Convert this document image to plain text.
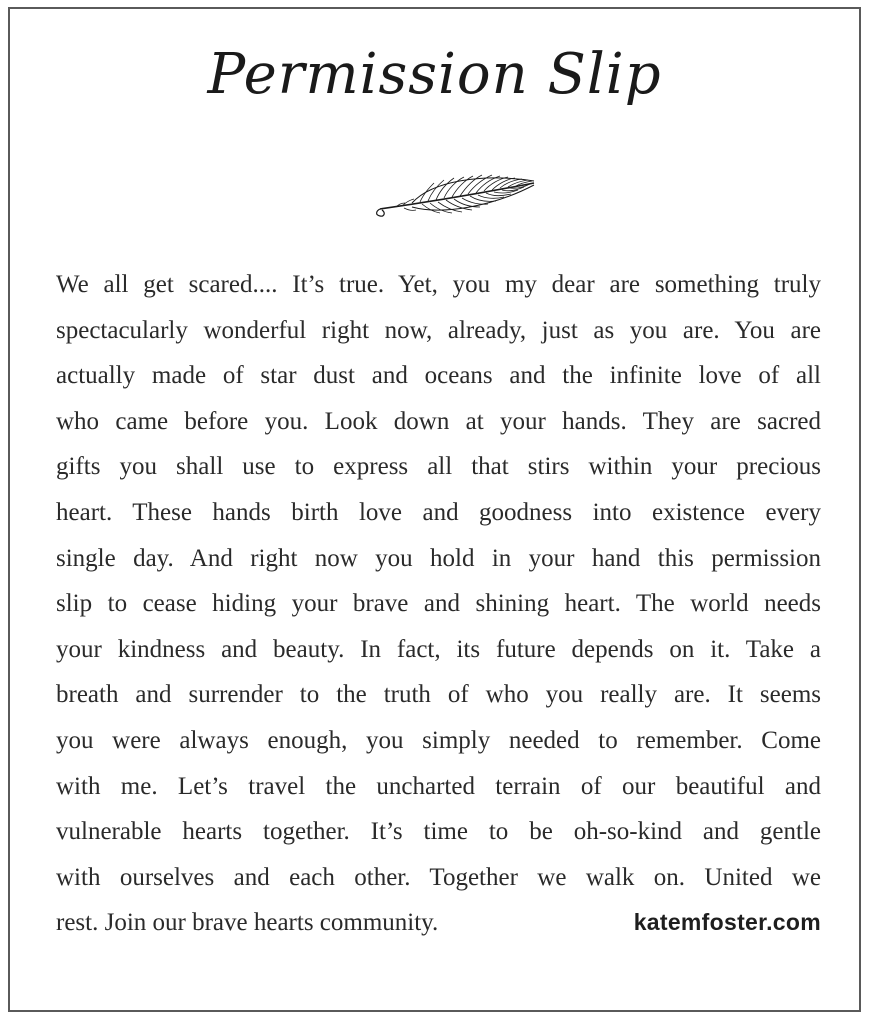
Permission Slip
We all get scared.... It’s true. Yet, you my dear are something truly
spectacularly wonderful right now, already, just as you are. You are
actually made of star dust and oceans and the infinite love of all
who came before you. Look down at your hands. They are sacred
gifts you shall use to express all that stirs within your precious
heart. These hands birth love and goodness into existence every
single day. And right now you hold in your hand this permission
slip to cease hiding your brave and shining heart. The world needs
your kindness and beauty. In fact, its future depends on it. Take a
breath and surrender to the truth of who you really are. It seems
you were always enough, you simply needed to remember. Come
with me. Let’s travel the uncharted terrain of our beautiful and
vulnerable hearts together. It’s time to be oh-so-kind and gentle
with ourselves and each other. Together we walk on. United we
rest. Join our brave hearts community.	katemfoster.com
